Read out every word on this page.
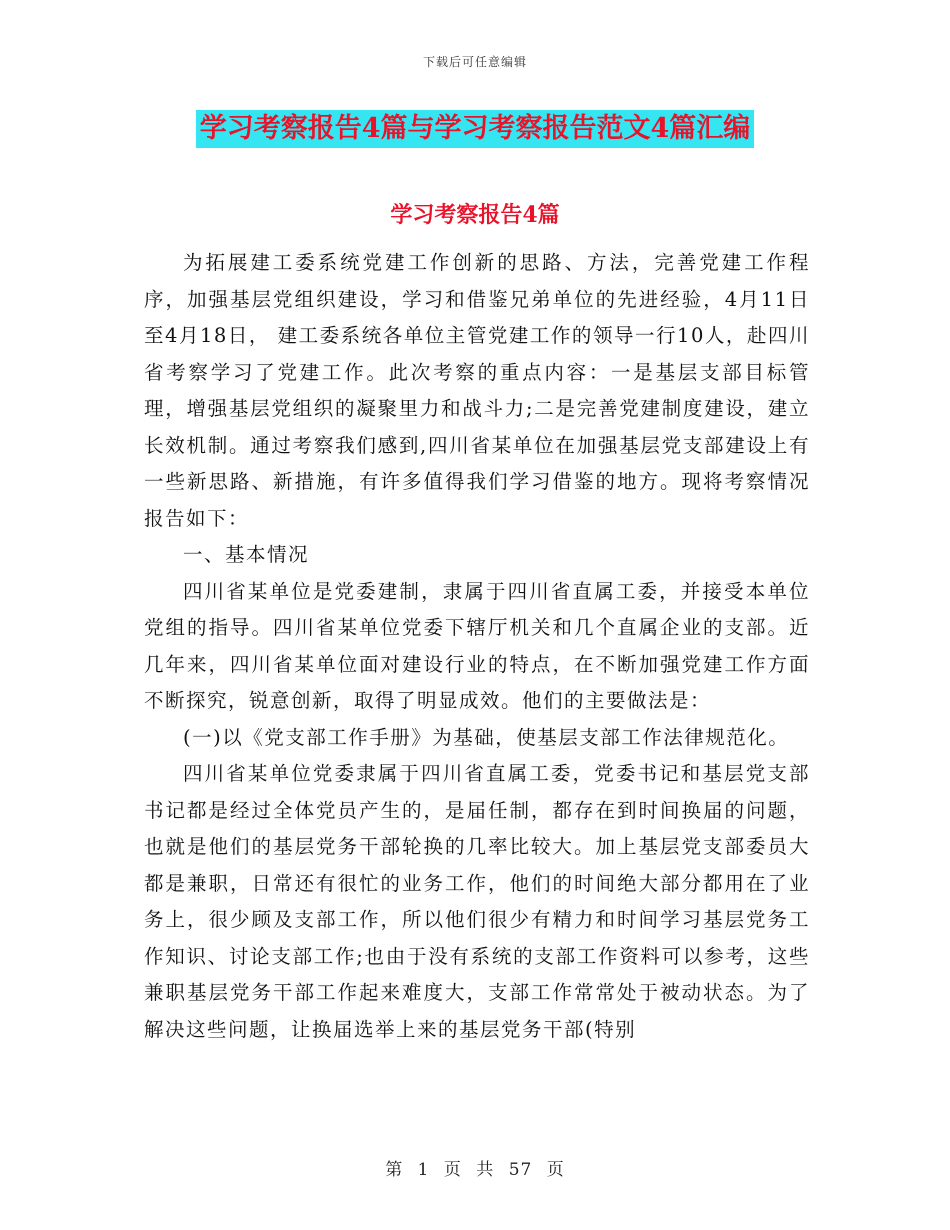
下载后可任意编辑
学习考察报告4篇与学习考察报告范文4篇汇编
学习考察报告4篇

为拓展建工委系统党建工作创新的思路、方法，完善党建工作程序，加强基层党组织建设，学习和借鉴兄弟单位的先进经验，4月11日至4月18日， 建工委系统各单位主管党建工作的领导一行10人，赴四川省考察学习了党建工作。此次考察的重点内容：一是基层支部目标管理，增强基层党组织的凝聚里力和战斗力;二是完善党建制度建设，建立长效机制。通过考察我们感到,四川省某单位在加强基层党支部建设上有一些新思路、新措施，有许多值得我们学习借鉴的地方。现将考察情况报告如下：

一、基本情况

四川省某单位是党委建制，隶属于四川省直属工委，并接受本单位党组的指导。四川省某单位党委下辖厅机关和几个直属企业的支部。近几年来，四川省某单位面对建设行业的特点，在不断加强党建工作方面不断探究，锐意创新，取得了明显成效。他们的主要做法是：

(一)以《党支部工作手册》为基础，使基层支部工作法律规范化。

四川省某单位党委隶属于四川省直属工委，党委书记和基层党支部书记都是经过全体党员产生的，是届任制，都存在到时间换届的问题，也就是他们的基层党务干部轮换的几率比较大。加上基层党支部委员大都是兼职，日常还有很忙的业务工作，他们的时间绝大部分都用在了业务上，很少顾及支部工作，所以他们很少有精力和时间学习基层党务工作知识、讨论支部工作;也由于没有系统的支部工作资料可以参考，这些兼职基层党务干部工作起来难度大，支部工作常常处于被动状态。为了解决这些问题，让换届选举上来的基层党务干部(特别

第 1 页 共 57 页
